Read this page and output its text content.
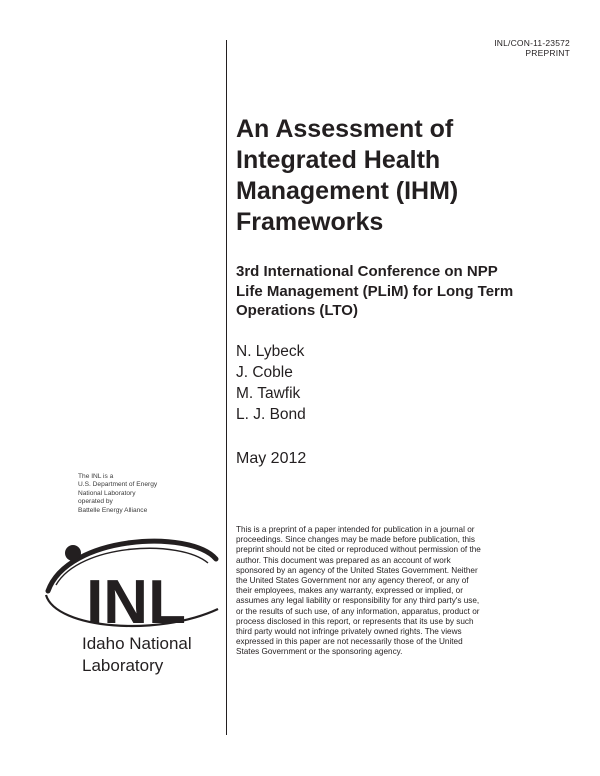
INL/CON-11-23572
PREPRINT
An Assessment of
Integrated Health
Management (IHM)
Frameworks
3rd International Conference on NPP
Life Management (PLiM) for Long Term
Operations (LTO)
N. Lybeck
J. Coble
M. Tawfik
L. J. Bond
May 2012
The INL is a
U.S. Department of Energy
National Laboratory
operated by
Battelle Energy Alliance
INL
Idaho National
Laboratory
This is a preprint of a paper intended for publication in a journal or
proceedings. Since changes may be made before publication, this
preprint should not be cited or reproduced without permission of the
author. This document was prepared as an account of work
sponsored by an agency of the United States Government. Neither
the United States Government nor any agency thereof, or any of
their employees, makes any warranty, expressed or implied, or
assumes any legal liability or responsibility for any third party's use,
or the results of such use, of any information, apparatus, product or
process disclosed in this report, or represents that its use by such
third party would not infringe privately owned rights. The views
expressed in this paper are not necessarily those of the United
States Government or the sponsoring agency.
